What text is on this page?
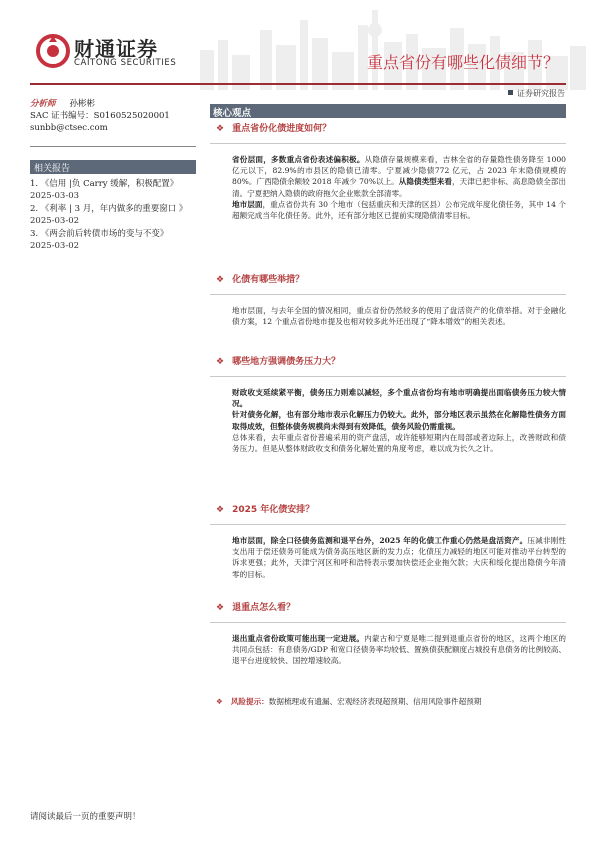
财通证券
CAITONG SECURITIES	重点省份有哪些化债细节？
证券研究报告
分析师 孙彬彬
SAC 证书编号：S0160525020001
sunbb@ctsec.com
相关报告
1. 《信用 |负 Carry 缓解，积极配置》
2025-03-03
2. 《利率 | 3 月，年内做多的重要窗口 》
2025-03-02
3. 《两会前后转债市场的变与不变》
2025-03-02
核心观点
❖ 重点省份化债进度如何？

省份层面，多数重点省份表述偏积极。从隐债存量规模来看，吉林全省的存量隐性债务降至 1000 亿元以下，82.9%的市县区的隐债已清零。宁夏减少隐债772 亿元，占 2023 年末隐债规模的 80%。广西隐债余额较 2018 年减少 70%以上。从隐债类型来看，天津已把非标、高息隐债全部出清。宁夏把纳入隐债的政府拖欠企业账款全部清零。

地市层面，重点省份共有 30 个地市（包括重庆和天津的区县）公布完成年度化债任务，其中 14 个超额完成当年化债任务。此外，还有部分地区已提前实现隐债清零目标。

❖ 化债有哪些举措？

地市层面，与去年全国的情况相同，重点省份仍然较多的使用了盘活资产的化债举措。对于金融化债方案，12 个重点省份地市提及也相对较多此外还出现了“降本增效”的相关表述。

❖ 哪些地方强调债务压力大？

财政收支延续紧平衡，债务压力则难以减轻，多个重点省份均有地市明确提出面临债务压力较大情况。

针对债务化解，也有部分地市表示化解压力仍较大。此外，部分地区表示虽然在化解隐性债务方面取得成效，但整体债务规模尚未得到有效降低，债务风险仍需重视。

总体来看，去年重点省份普遍采用的资产盘活，或许能够短期内在局部或者边际上，改善财政和债务压力。但是从整体财政收支和债务化解处置的角度考虑，难以成为长久之计。

❖ 2025 年化债安排？

地市层面，除全口径债务监测和退平台外，2025 年的化债工作重心仍然是盘活资产。压减非刚性支出用于偿还债务可能成为债务高压地区新的发力点；化债压力减轻的地区可能对推动平台转型的诉求更强；此外，天津宁河区和呼和浩特表示要加快偿还企业拖欠款；大庆和绥化提出隐债今年清零的目标。

❖ 退重点怎么看？

退出重点省份政策可能出现一定进展。内蒙古和宁夏是唯二提到退重点省份的地区，这两个地区的共同点包括：有息债务/GDP 和宽口径债务率均较低、置换债获配额度占城投有息债务的比例较高、退平台进度较快、国控增速较高。

❖ 风险提示：数据梳理或有遗漏、宏观经济表现超预期、信用风险事件超预期
请阅读最后一页的重要声明！
